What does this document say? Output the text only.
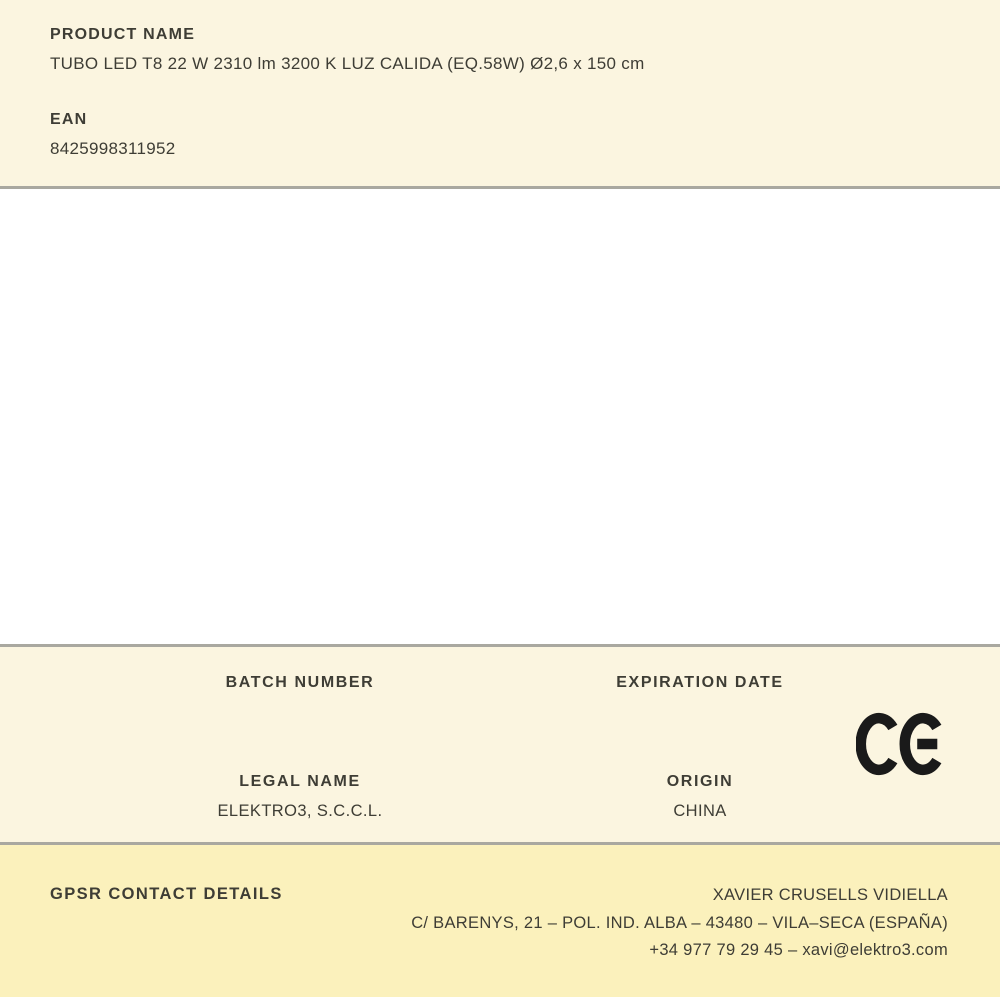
PRODUCT NAME
TUBO LED T8 22 W 2310 lm 3200 K LUZ CALIDA (EQ.58W) Ø2,6 x 150 cm
EAN
8425998311952
BATCH NUMBER	EXPIRATION DATE
LEGAL NAME
ELEKTRO3, S.C.C.L.
ORIGIN
CHINA
GPSR CONTACT DETAILS	XAVIER CRUSELLS VIDIELLA
C/ BARENYS, 21 – POL. IND. ALBA – 43480 – VILA–SECA (ESPAÑA)
+34 977 79 29 45 – xavi@elektro3.com
